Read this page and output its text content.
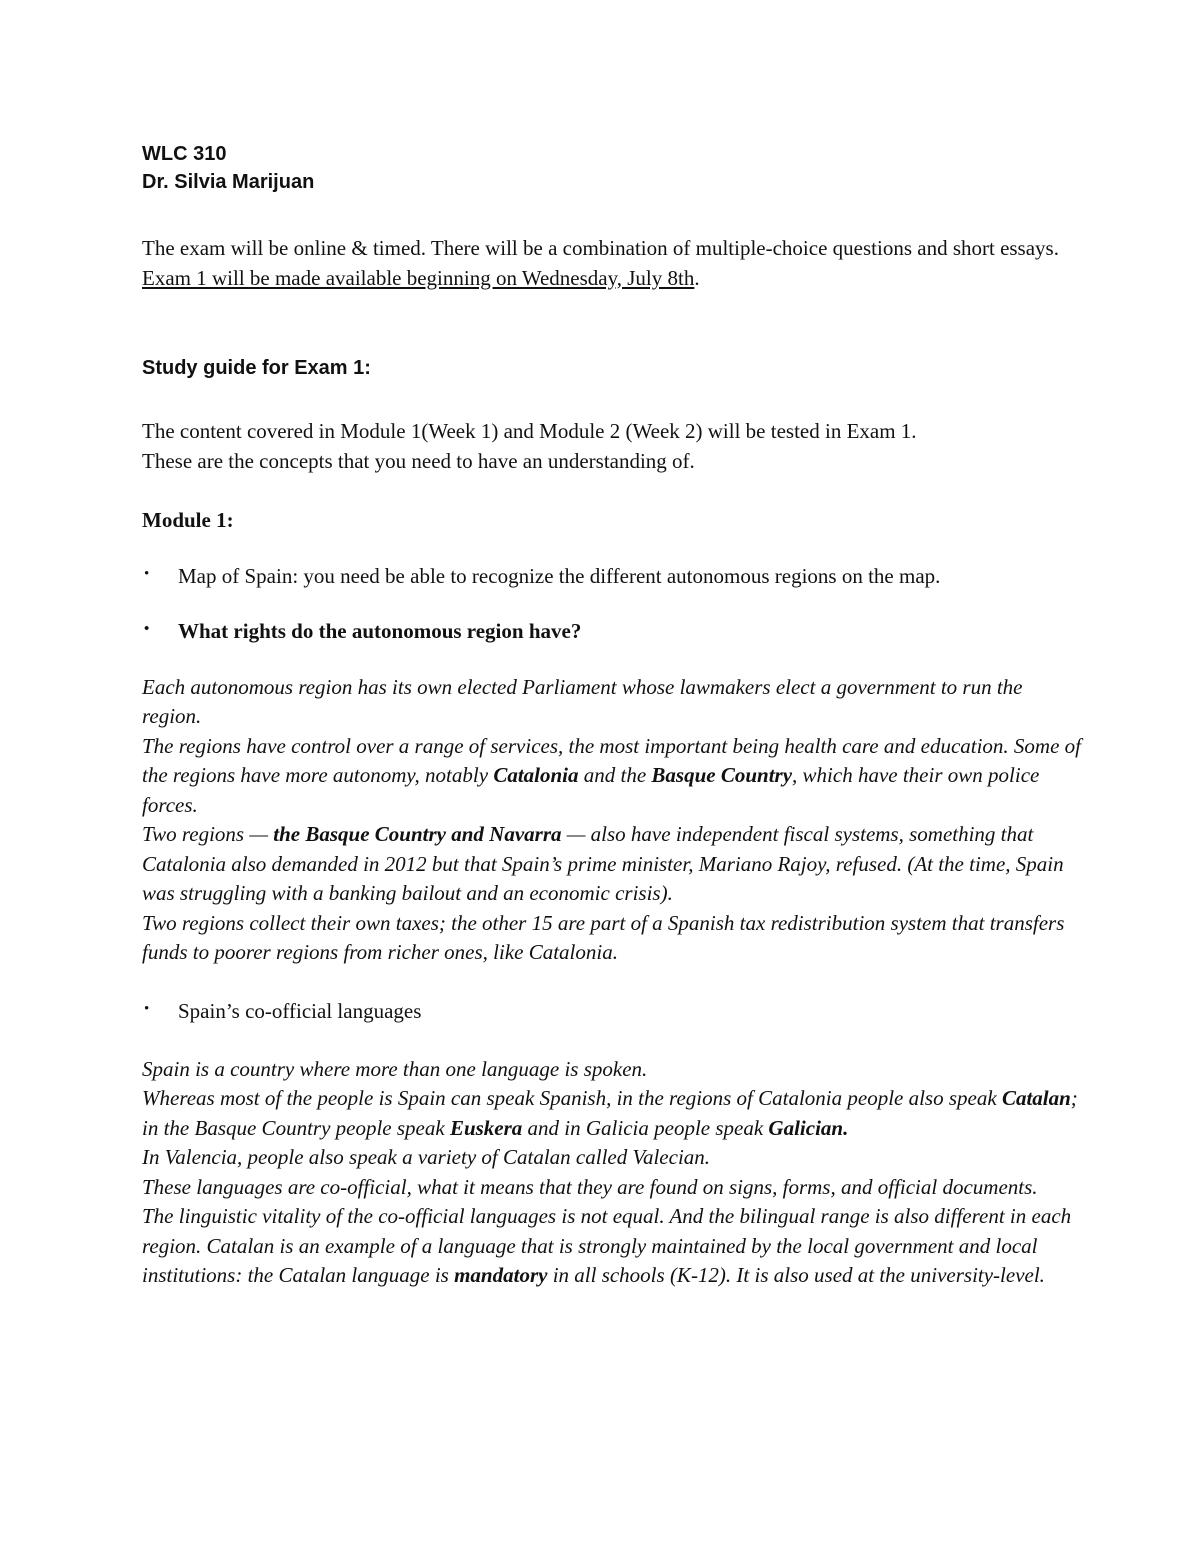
WLC 310

Dr. Silvia Marijuan

The exam will be online & timed. There will be a combination of multiple-choice questions and short essays. Exam 1 will be made available beginning on Wednesday, July 8th.

Study guide for Exam 1:

The content covered in Module 1(Week 1) and Module 2 (Week 2) will be tested in Exam 1.
These are the concepts that you need to have an understanding of.

Module 1:

• Map of Spain: you need be able to recognize the different autonomous regions on the map.
• What rights do the autonomous region have?

Each autonomous region has its own elected Parliament whose lawmakers elect a government to run the region.

The regions have control over a range of services, the most important being health care and education. Some of the regions have more autonomy, notably Catalonia and the Basque Country, which have their own police forces.

Two regions — the Basque Country and Navarra — also have independent fiscal systems, something that Catalonia also demanded in 2012 but that Spain’s prime minister, Mariano Rajoy, refused. (At the time, Spain was struggling with a banking bailout and an economic crisis).

Two regions collect their own taxes; the other 15 are part of a Spanish tax redistribution system that transfers funds to poorer regions from richer ones, like Catalonia.

• Spain’s co-official languages

Spain is a country where more than one language is spoken.

Whereas most of the people is Spain can speak Spanish, in the regions of Catalonia people also speak Catalan; in the Basque Country people speak Euskera and in Galicia people speak Galician.

In Valencia, people also speak a variety of Catalan called Valecian.

These languages are co-official, what it means that they are found on signs, forms, and official documents.

The linguistic vitality of the co-official languages is not equal. And the bilingual range is also different in each region. Catalan is an example of a language that is strongly maintained by the local government and local institutions: the Catalan language is mandatory in all schools (K-12). It is also used at the university-level.
